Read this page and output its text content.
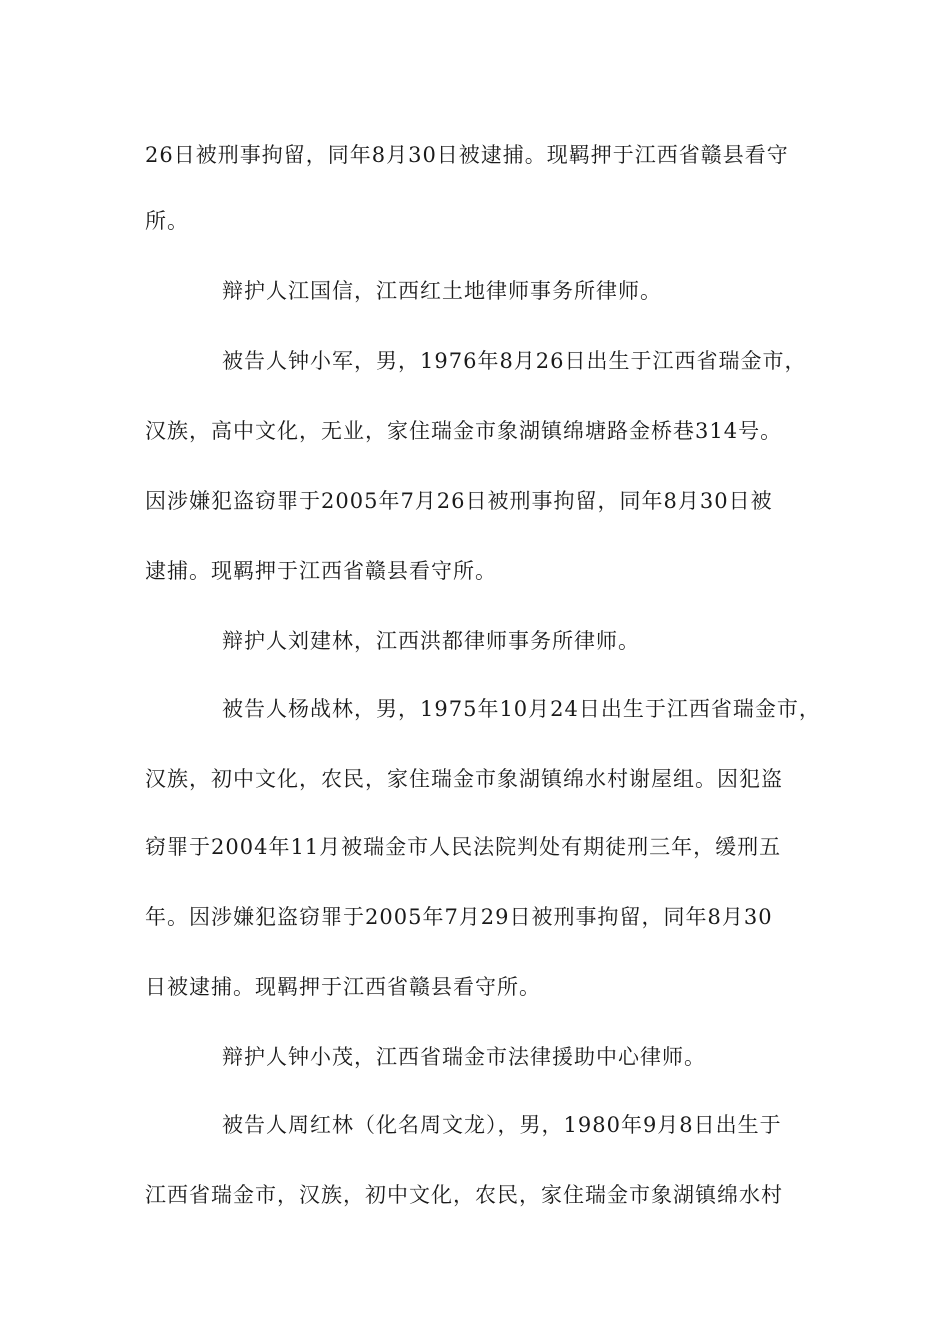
26日被刑事拘留，同年8月30日被逮捕。现羁押于江西省赣县看守
所。
辩护人江国信，江西红土地律师事务所律师。
被告人钟小军，男，1976年8月26日出生于江西省瑞金市，
汉族，高中文化，无业，家住瑞金市象湖镇绵塘路金桥巷314号。
因涉嫌犯盗窃罪于2005年7月26日被刑事拘留，同年8月30日被
逮捕。现羁押于江西省赣县看守所。
辩护人刘建林，江西洪都律师事务所律师。
被告人杨战林，男，1975年10月24日出生于江西省瑞金市，
汉族，初中文化，农民，家住瑞金市象湖镇绵水村谢屋组。因犯盗
窃罪于2004年11月被瑞金市人民法院判处有期徒刑三年，缓刑五
年。因涉嫌犯盗窃罪于2005年7月29日被刑事拘留，同年8月30
日被逮捕。现羁押于江西省赣县看守所。
辩护人钟小茂，江西省瑞金市法律援助中心律师。
被告人周红林（化名周文龙），男，1980年9月8日出生于
江西省瑞金市，汉族，初中文化，农民，家住瑞金市象湖镇绵水村
